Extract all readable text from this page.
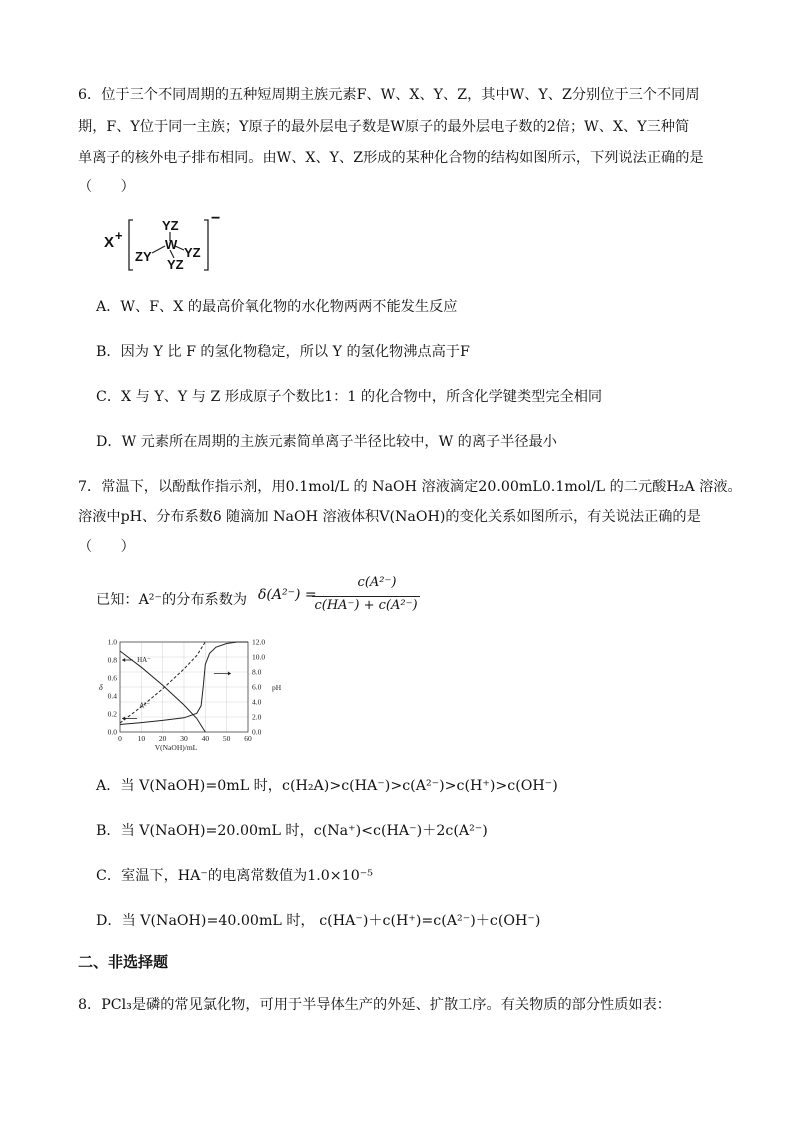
6．位于三个不同周期的五种短周期主族元素F、W、X、Y、Z，其中W、Y、Z分别位于三个不同周
期，F、Y位于同一主族；Y原子的最外层电子数是W原子的最外层电子数的2倍；W、X、Y三种简
单离子的核外电子排布相同。由W、X、Y、Z形成的某种化合物的结构如图所示，下列说法正确的是
（　　）
X +
YZ
W
ZY YZ
YZ
−
A．W、F、X 的最高价氧化物的水化物两两不能发生反应
B．因为 Y 比 F 的氢化物稳定，所以 Y 的氢化物沸点高于F
C．X 与 Y、Y 与 Z 形成原子个数比1：1 的化合物中，所含化学键类型完全相同
D．W 元素所在周期的主族元素简单离子半径比较中，W 的离子半径最小
7．常温下，以酚酞作指示剂，用0.1mol/L 的 NaOH 溶液滴定20.00mL0.1mol/L 的二元酸H₂A 溶液。
溶液中pH、分布系数δ 随滴加 NaOH 溶液体积V(NaOH)的变化关系如图所示，有关说法正确的是
（　　）
已知：A²⁻的分布系数为 δ(A²⁻) =
c(A²⁻)
c(HA⁻) + c(A²⁻)
0 10 20 30 40 50 60
0.0
0.2
0.4
0.6
0.8
1.0
0.0
2.0
4.0
6.0
8.0
10.0
12.0
δ	pH
V(NaOH)/mL
HA⁻
A²⁻
A．当 V(NaOH)=0mL 时，c(H₂A)>c(HA⁻)>c(A²⁻)>c(H⁺)>c(OH⁻)
B．当 V(NaOH)=20.00mL 时，c(Na⁺)<c(HA⁻)＋2c(A²⁻)
C．室温下，HA⁻的电离常数值为1.0×10⁻⁵
D．当 V(NaOH)=40.00mL 时， c(HA⁻)＋c(H⁺)=c(A²⁻)＋c(OH⁻)
二、非选择题
8．PCl₃是磷的常见氯化物，可用于半导体生产的外延、扩散工序。有关物质的部分性质如表：
